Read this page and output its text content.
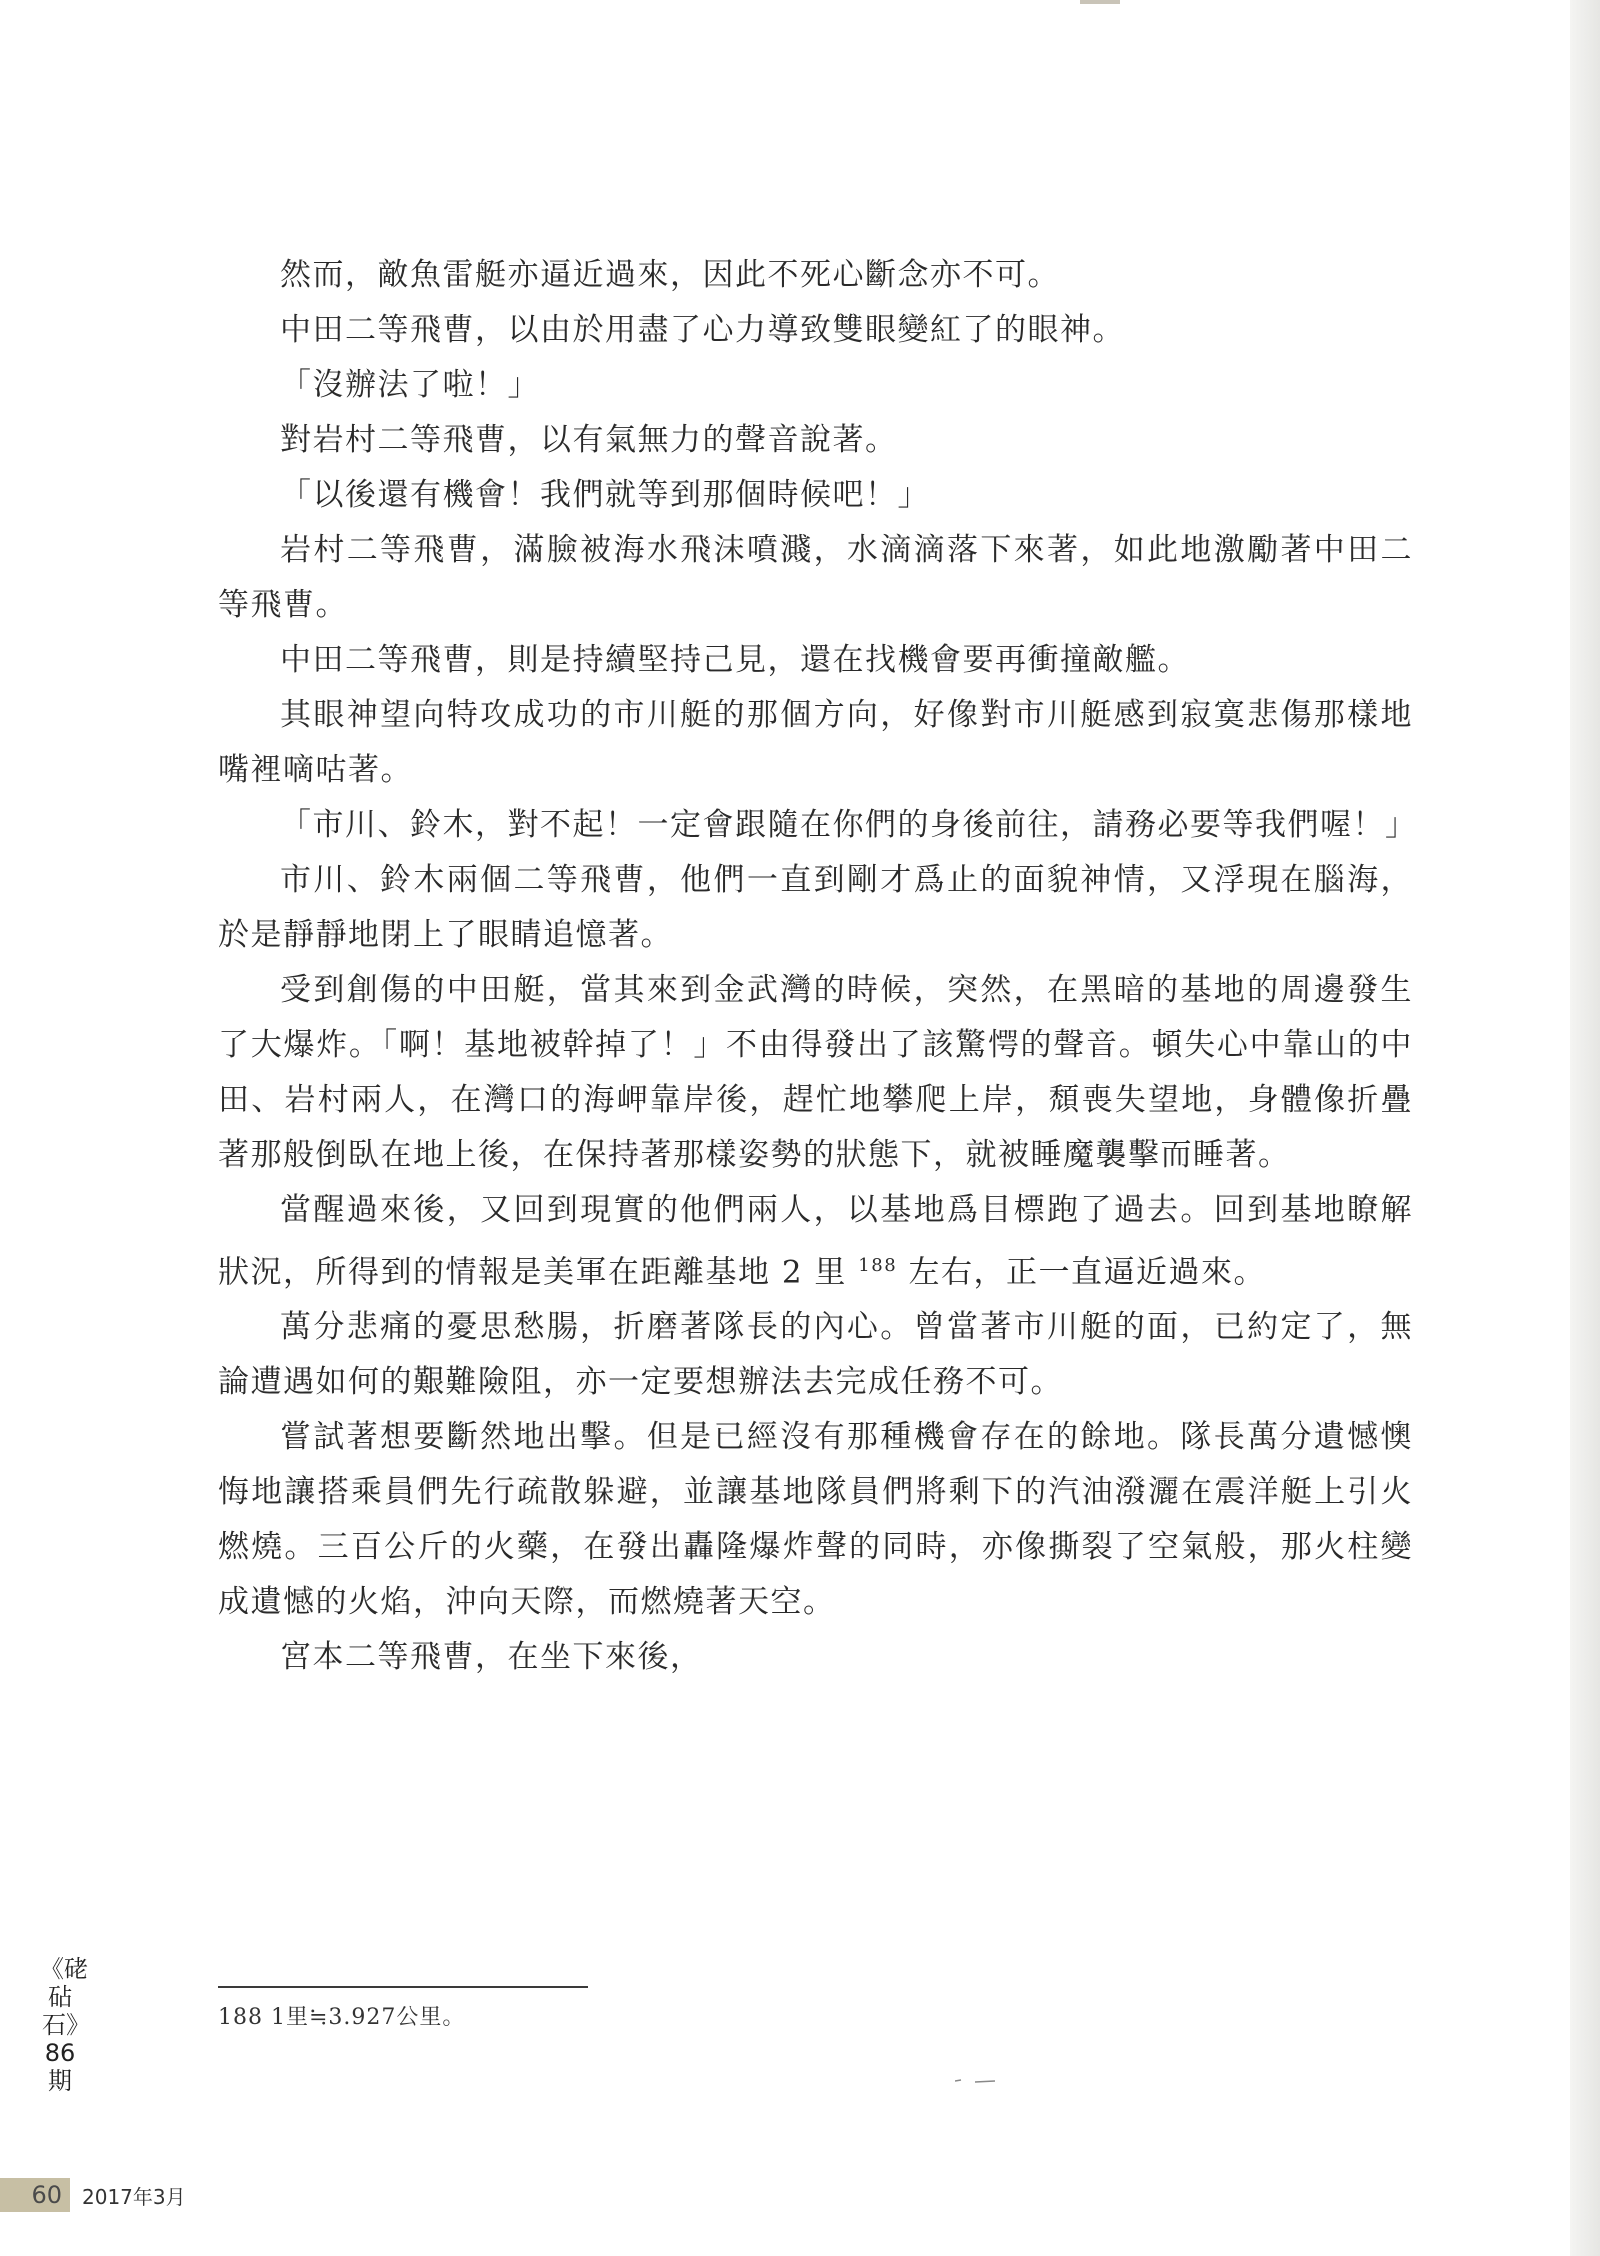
然而，敵魚雷艇亦逼近過來，因此不死心斷念亦不可。

中田二等飛曹，以由於用盡了心力導致雙眼變紅了的眼神。

「沒辦法了啦！」

對岩村二等飛曹，以有氣無力的聲音說著。

「以後還有機會！我們就等到那個時候吧！」

岩村二等飛曹，滿臉被海水飛沫噴濺，水滴滴落下來著，如此地激勵著中田二等飛曹。

中田二等飛曹，則是持續堅持己見，還在找機會要再衝撞敵艦。

其眼神望向特攻成功的市川艇的那個方向，好像對市川艇感到寂寞悲傷那樣地嘴裡嘀咕著。

「市川、鈴木，對不起！一定會跟隨在你們的身後前往，請務必要等我們喔！」

市川、鈴木兩個二等飛曹，他們一直到剛才爲止的面貌神情，又浮現在腦海，於是靜靜地閉上了眼睛追憶著。

受到創傷的中田艇，當其來到金武灣的時候，突然，在黑暗的基地的周邊發生了大爆炸。「啊！基地被幹掉了！」不由得發出了該驚愕的聲音。頓失心中靠山的中田、岩村兩人，在灣口的海岬靠岸後，趕忙地攀爬上岸，頹喪失望地，身體像折疊著那般倒臥在地上後，在保持著那樣姿勢的狀態下，就被睡魔襲擊而睡著。

當醒過來後，又回到現實的他們兩人，以基地爲目標跑了過去。回到基地瞭解狀況，所得到的情報是美軍在距離基地 2 里 $^{188}$ 左右，正一直逼近過來。

萬分悲痛的憂思愁腸，折磨著隊長的內心。曾當著市川艇的面，已約定了，無論遭遇如何的艱難險阻，亦一定要想辦法去完成任務不可。

嘗試著想要斷然地出擊。但是已經沒有那種機會存在的餘地。隊長萬分遺憾懊悔地讓搭乘員們先行疏散躲避，並讓基地隊員們將剩下的汽油潑灑在震洋艇上引火燃燒。三百公斤的火藥，在發出轟隆爆炸聲的同時，亦像撕裂了空氣般，那火柱變成遺憾的火焰，沖向天際，而燃燒著天空。

宮本二等飛曹，在坐下來後，

188 1里≒3.927公里。
《硓砧石》86期
60	2017年3月
